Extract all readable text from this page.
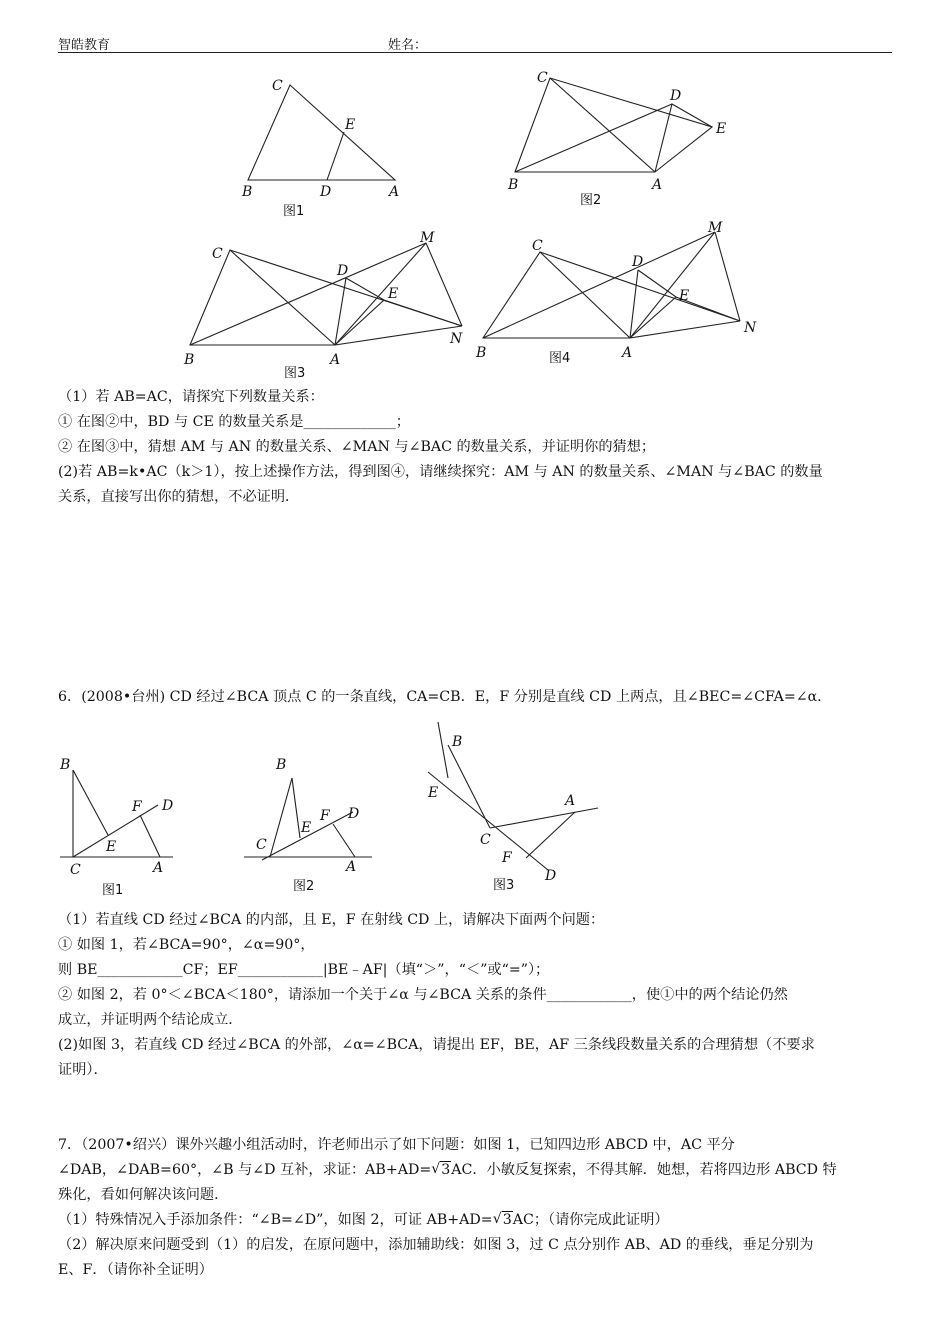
智皓教育	姓名：
C
E
B	D	A
图1
C
D
E
B	A
图2
C
M
D
E
N
B	A
图3
C
M
D
E
N
B	A
图4
B
F D
E
C	A
图1
B
E
F D
C
A
图2
B
E	A
C
F
D
图3
（1）若 AB=AC，请探究下列数量关系：
① 在图②中，BD 与 CE 的数量关系是_____________；
② 在图③中，猜想 AM 与 AN 的数量关系、∠MAN 与∠BAC 的数量关系，并证明你的猜想；
(2)若 AB=k•AC（k＞1），按上述操作方法，得到图④，请继续探究：AM 与 AN 的数量关系、∠MAN 与∠BAC 的数量
关系，直接写出你的猜想，不必证明．
6．(2008•台州) CD 经过∠BCA 顶点 C 的一条直线，CA=CB．E，F 分别是直线 CD 上两点，且∠BEC=∠CFA=∠α．
（1）若直线 CD 经过∠BCA 的内部，且 E，F 在射线 CD 上，请解决下面两个问题：
① 如图 1，若∠BCA=90°，∠α=90°，
则 BE____________CF；EF____________|BE﹣AF|（填“＞”，“＜”或“=”）；
② 如图 2，若 0°＜∠BCA＜180°，请添加一个关于∠α 与∠BCA 关系的条件____________，使①中的两个结论仍然
成立，并证明两个结论成立．
(2)如图 3，若直线 CD 经过∠BCA 的外部，∠α=∠BCA，请提出 EF，BE，AF 三条线段数量关系的合理猜想（不要求
证明）．
7．（2007•绍兴）课外兴趣小组活动时，许老师出示了如下问题：如图 1，已知四边形 ABCD 中，AC 平分
∠DAB，∠DAB=60°，∠B 与∠D 互补，求证：AB+AD= √ 3AC．小敏反复探索，不得其解．她想，若将四边形 ABCD 特
殊化，看如何解决该问题．
（1）特殊情况入手添加条件：“∠B=∠D”，如图 2，可证 AB+AD= √ 3AC；（请你完成此证明）
（2）解决原来问题受到（1）的启发，在原问题中，添加辅助线：如图 3，过 C 点分别作 AB、AD 的垂线，垂足分别为
E、F．（请你补全证明）
